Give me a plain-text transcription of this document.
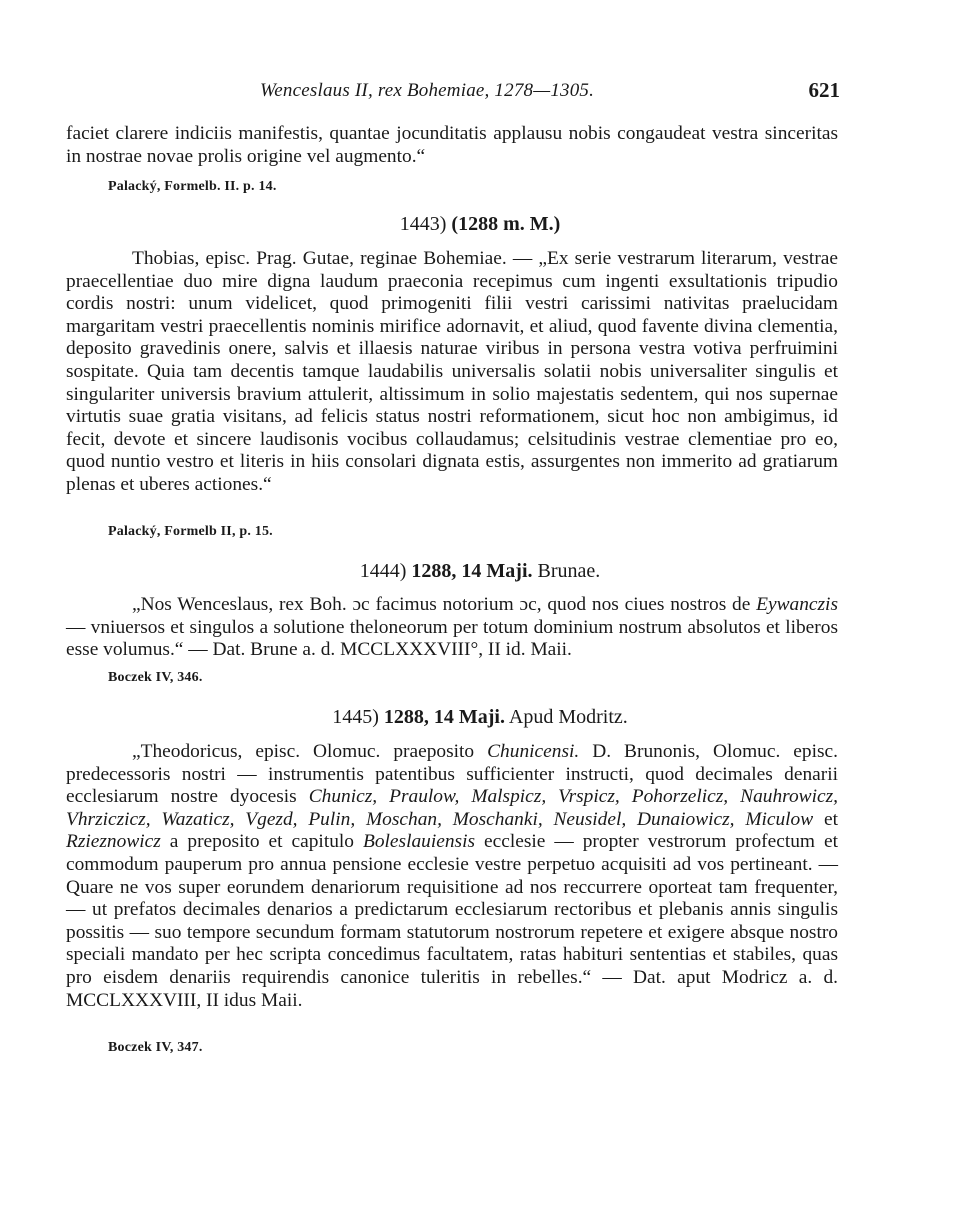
Wenceslaus II, rex Bohemiae, 1278—1305.	621

faciet clarere indiciis manifestis, quantae jocunditatis applausu nobis congaudeat vestra sinceritas in nostrae novae prolis origine vel augmento.“

Palacký, Formelb. II. p. 14.
1443) (1288 m. M.)

Thobias, episc. Prag. Gutae, reginae Bohemiae. — „Ex serie vestrarum literarum, vestrae praecellentiae duo mire digna laudum praeconia recepimus cum ingenti exsultationis tripudio cordis nostri: unum videlicet, quod primogeniti filii vestri carissimi nativitas praelucidam margaritam vestri praecellentis nominis mirifice adornavit, et aliud, quod favente divina clementia, deposito gravedinis onere, salvis et illaesis naturae viribus in persona vestra votiva perfruimini sospitate. Quia tam decentis tamque laudabilis universalis solatii nobis universaliter singulis et singulariter universis bravium attulerit, altissimum in solio majestatis sedentem, qui nos supernae virtutis suae gratia visitans, ad felicis status nostri reformationem, sicut hoc non ambigimus, id fecit, devote et sincere laudisonis vocibus collaudamus; celsitudinis vestrae clementiae pro eo, quod nuntio vestro et literis in hiis consolari dignata estis, assurgentes non immerito ad gratiarum plenas et uberes actiones.“

Palacký, Formelb II, p. 15.
1444) 1288, 14 Maji. Brunae.

„Nos Wenceslaus, rex Boh. ɔc facimus notorium ɔc, quod nos ciues nostros de Eywanczis — vniuersos et singulos a solutione theloneorum per totum dominium nostrum absolutos et liberos esse volumus.“ — Dat. Brune a. d. MCCLXXXVIII°, II id. Maii.

Boczek IV, 346.
1445) 1288, 14 Maji. Apud Modritz.

„Theodoricus, episc. Olomuc. praeposito Chunicensi. D. Brunonis, Olomuc. episc. predecessoris nostri — instrumentis patentibus sufficienter instructi, quod decimales denarii ecclesiarum nostre dyocesis Chunicz, Praulow, Malspicz, Vrspicz, Pohorzelicz, Nauhrowicz, Vhrziczicz, Wazaticz, Vgezd, Pulin, Moschan, Moschanki, Neusidel, Dunaiowicz, Miculow et Rzieznowicz a preposito et capitulo Boleslauiensis ecclesie — propter vestrorum profectum et commodum pauperum pro annua pensione ecclesie vestre perpetuo acquisiti ad vos pertineant. — Quare ne vos super eorundem denariorum requisitione ad nos reccurrere oporteat tam frequenter, — ut prefatos decimales denarios a predictarum ecclesiarum rectoribus et plebanis annis singulis possitis — suo tempore secundum formam statutorum nostrorum repetere et exigere absque nostro speciali mandato per hec scripta concedimus facultatem, ratas habituri sententias et stabiles, quas pro eisdem denariis requirendis canonice tuleritis in rebelles.“ — Dat. aput Modricz a. d. MCCLXXXVIII, II idus Maii.

Boczek IV, 347.
